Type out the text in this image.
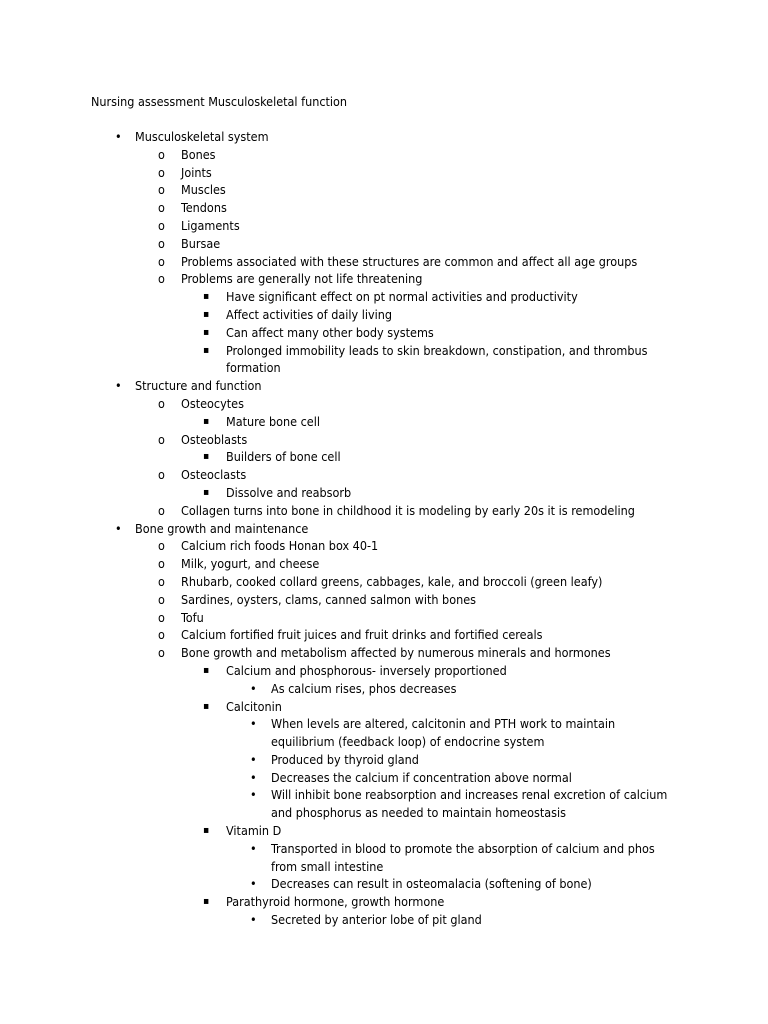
Nursing assessment Musculoskeletal function
• Musculoskeletal system
o Bones
o Joints
o Muscles
o Tendons
o Ligaments
o Bursae
o Problems associated with these structures are common and affect all age groups
o Problems are generally not life threatening
▪ Have significant effect on pt normal activities and productivity
▪ Affect activities of daily living
▪ Can affect many other body systems
▪ Prolonged immobility leads to skin breakdown, constipation, and thrombus
formation
• Structure and function
o Osteocytes
▪ Mature bone cell
o Osteoblasts
▪ Builders of bone cell
o Osteoclasts
▪ Dissolve and reabsorb
o Collagen turns into bone in childhood it is modeling by early 20s it is remodeling
• Bone growth and maintenance
o Calcium rich foods Honan box 40-1
o Milk, yogurt, and cheese
o Rhubarb, cooked collard greens, cabbages, kale, and broccoli (green leafy)
o Sardines, oysters, clams, canned salmon with bones
o Tofu
o Calcium fortified fruit juices and fruit drinks and fortified cereals
o Bone growth and metabolism affected by numerous minerals and hormones
▪ Calcium and phosphorous- inversely proportioned
• As calcium rises, phos decreases
▪ Calcitonin
• When levels are altered, calcitonin and PTH work to maintain
equilibrium (feedback loop) of endocrine system
• Produced by thyroid gland
• Decreases the calcium if concentration above normal
• Will inhibit bone reabsorption and increases renal excretion of calcium
and phosphorus as needed to maintain homeostasis
▪ Vitamin D
• Transported in blood to promote the absorption of calcium and phos
from small intestine
• Decreases can result in osteomalacia (softening of bone)
▪ Parathyroid hormone, growth hormone
• Secreted by anterior lobe of pit gland
